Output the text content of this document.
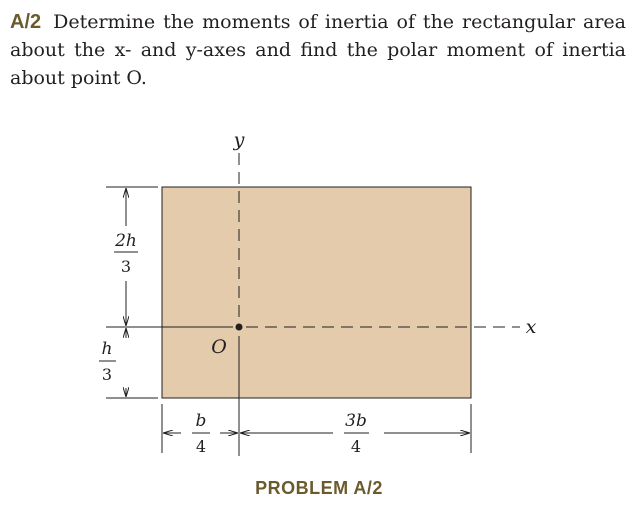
A/2 Determine the moments of inertia of the rectangular area about the x- and y-axes and find the polar moment of inertia about point O.
y
x
O
2h
3
h
3
b
4
3b
4
PROBLEM A/2
